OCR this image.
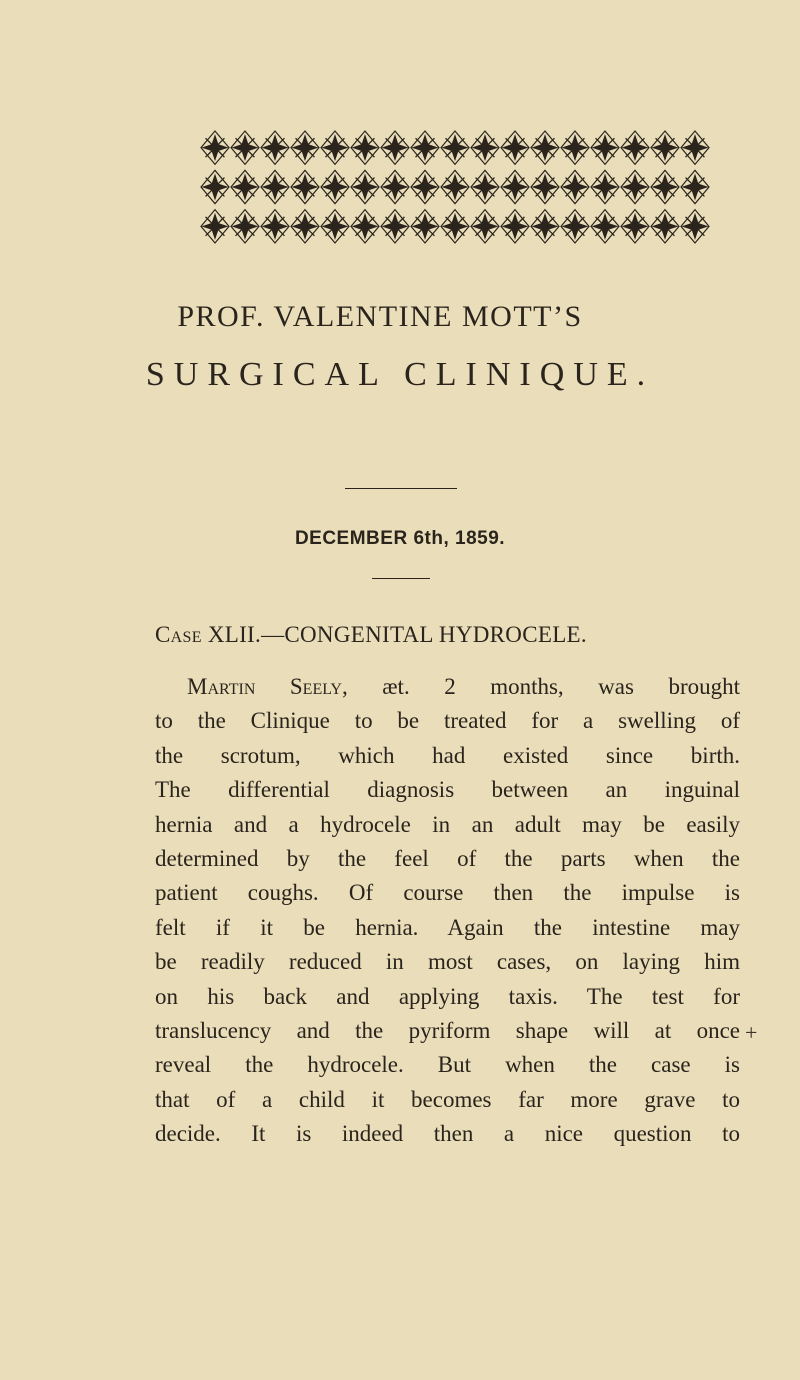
PROF. VALENTINE MOTT’S
SURGICAL CLINIQUE.
DECEMBER 6th, 1859.
Case XLII.—CONGENITAL HYDROCELE.
Martin Seely, æt. 2 months, was brought
to the Clinique to be treated for a swelling of
the scrotum, which had existed since birth.
The differential diagnosis between an inguinal
hernia and a hydrocele in an adult may be easily
determined by the feel of the parts when the
patient coughs. Of course then the impulse is
felt if it be hernia. Again the intestine may
be readily reduced in most cases, on laying him
on his back and applying taxis. The test for
translucency and the pyriform shape will at once
reveal the hydrocele. But when the case is
that of a child it becomes far more grave to
decide. It is indeed then a nice question to
+
